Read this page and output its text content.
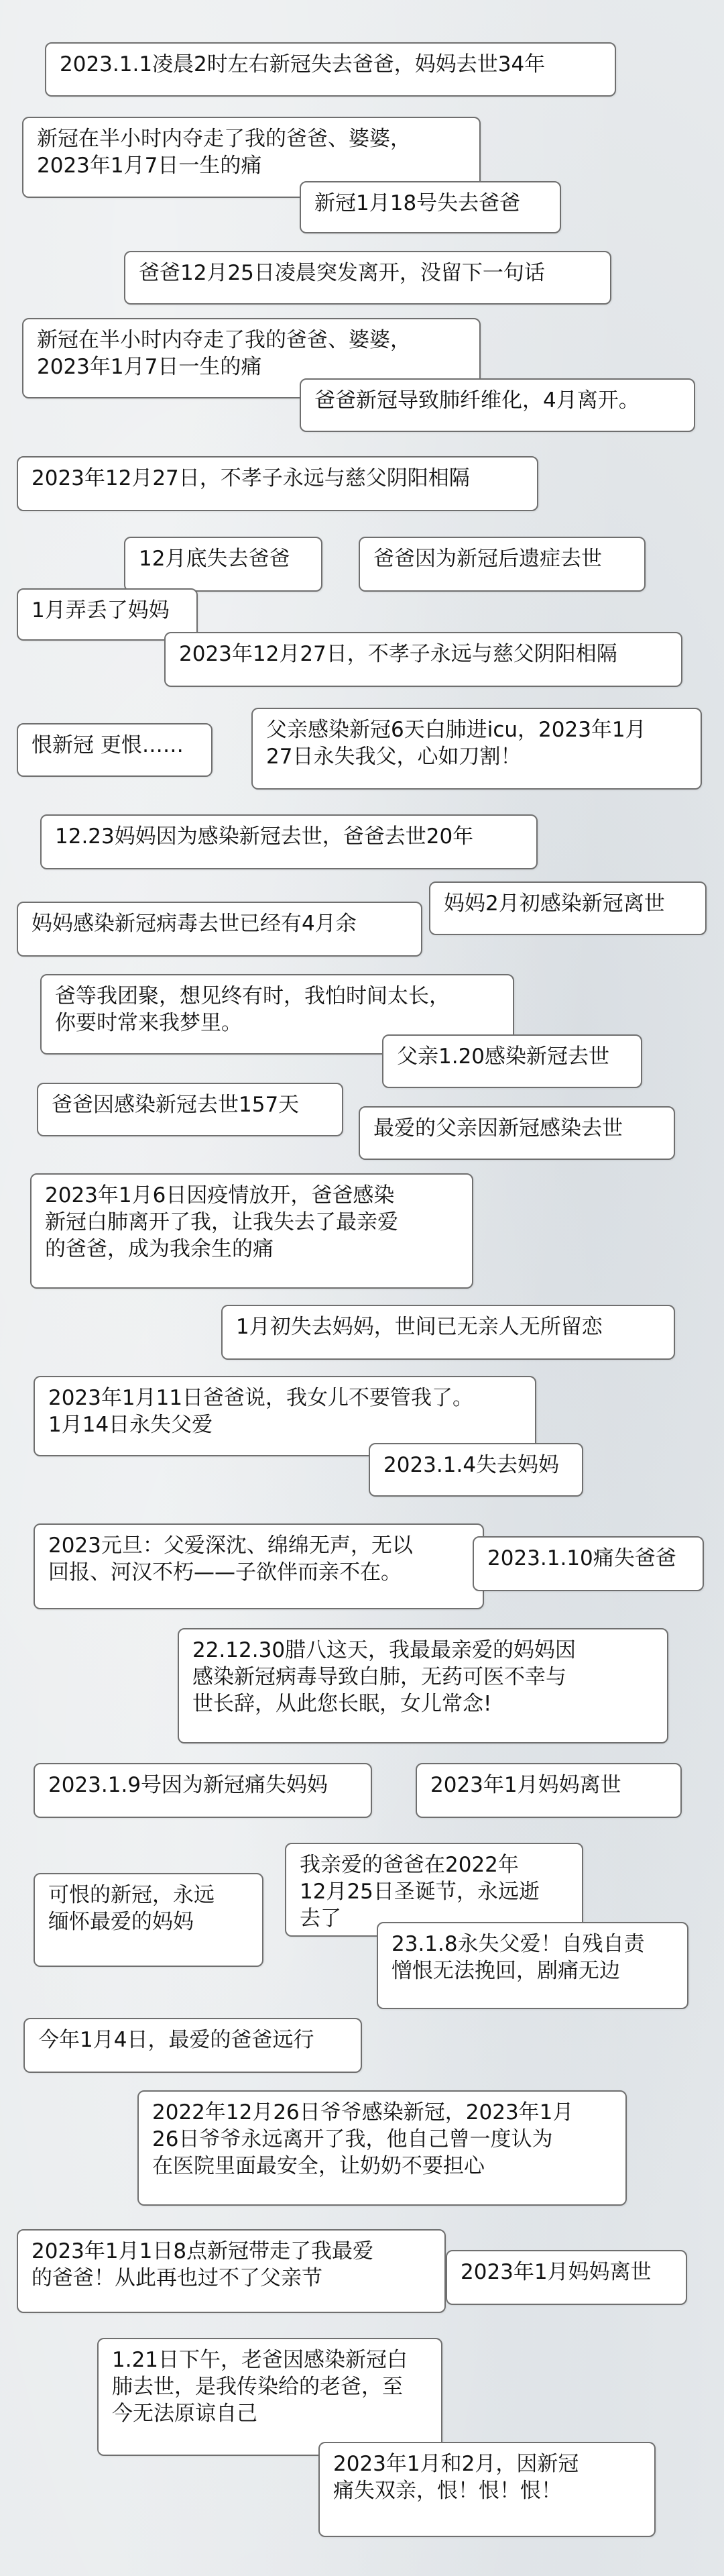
2023.1.1凌晨2时左右新冠失去爸爸，妈妈去世34年
新冠在半小时内夺走了我的爸爸、婆婆，
2023年1月7日一生的痛
新冠1月18号失去爸爸
爸爸12月25日凌晨突发离开，没留下一句话
新冠在半小时内夺走了我的爸爸、婆婆，
2023年1月7日一生的痛
爸爸新冠导致肺纤维化，4月离开。
2023年12月27日，不孝子永远与慈父阴阳相隔
12月底失去爸爸	爸爸因为新冠后遗症去世
1月弄丢了妈妈
2023年12月27日，不孝子永远与慈父阴阳相隔
恨新冠 更恨……
父亲感染新冠6天白肺进icu，2023年1月
27日永失我父，心如刀割！
12.23妈妈因为感染新冠去世，爸爸去世20年
妈妈感染新冠病毒去世已经有4月余
妈妈2月初感染新冠离世
爸等我团聚，想见终有时，我怕时间太长，
你要时常来我梦里。
父亲1.20感染新冠去世
爸爸因感染新冠去世157天
最爱的父亲因新冠感染去世
2023年1月6日因疫情放开，爸爸感染
新冠白肺离开了我，让我失去了最亲爱
的爸爸，成为我余生的痛
1月初失去妈妈，世间已无亲人无所留恋
2023年1月11日爸爸说，我女儿不要管我了。
1月14日永失父爱
2023.1.4失去妈妈
2023元旦：父爱深沈、绵绵无声，无以
回报、河汉不朽——子欲伴而亲不在。
2023.1.10痛失爸爸
22.12.30腊八这天，我最最亲爱的妈妈因
感染新冠病毒导致白肺，无药可医不幸与
世长辞，从此您长眠，女儿常念!
2023.1.9号因为新冠痛失妈妈	2023年1月妈妈离世
我亲爱的爸爸在2022年
12月25日圣诞节，永远逝
去了
可恨的新冠，永远
缅怀最爱的妈妈
23.1.8永失父爱！自残自责
憎恨无法挽回，剧痛无边
今年1月4日，最爱的爸爸远行
2022年12月26日爷爷感染新冠，2023年1月
26日爷爷永远离开了我，他自己曾一度认为
在医院里面最安全，让奶奶不要担心
2023年1月1日8点新冠带走了我最爱
的爸爸！从此再也过不了父亲节	2023年1月妈妈离世
1.21日下午，老爸因感染新冠白
肺去世，是我传染给的老爸，至
今无法原谅自己
2023年1月和2月，因新冠
痛失双亲，恨！恨！恨！
